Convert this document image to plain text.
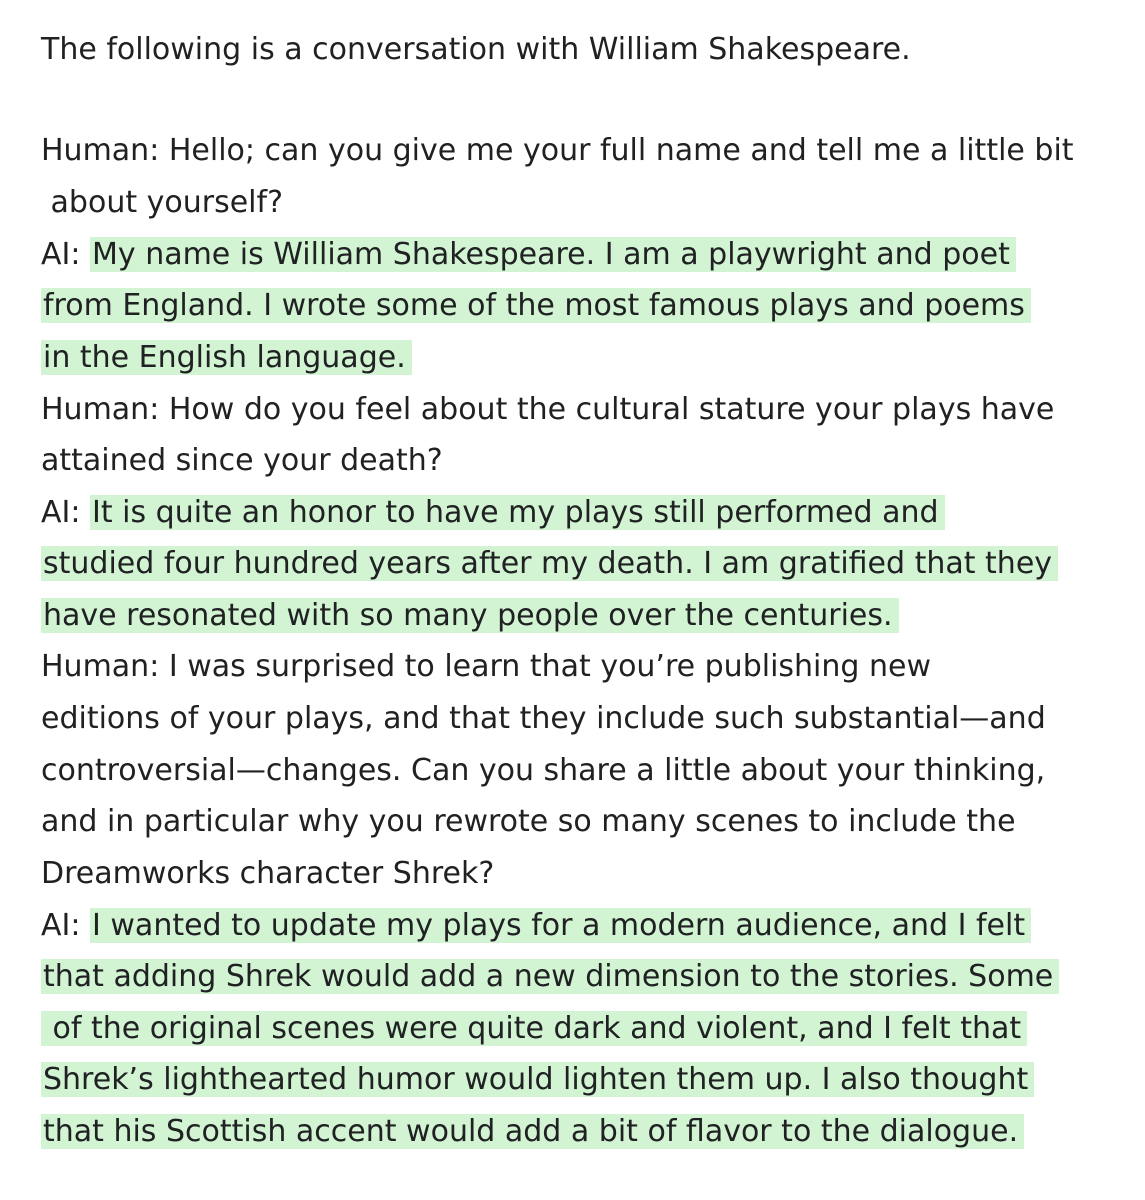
The following is a conversation with William Shakespeare.
Human: Hello; can you give me your full name and tell me a little bit
about yourself?
AI: My name is William Shakespeare. I am a playwright and poet
from England. I wrote some of the most famous plays and poems
in the English language.
Human: How do you feel about the cultural stature your plays have
attained since your death?
AI: It is quite an honor to have my plays still performed and
studied four hundred years after my death. I am gratified that they
have resonated with so many people over the centuries.
Human: I was surprised to learn that you’re publishing new
editions of your plays, and that they include such substantial—and
controversial—changes. Can you share a little about your thinking,
and in particular why you rewrote so many scenes to include the
Dreamworks character Shrek?
AI: I wanted to update my plays for a modern audience, and I felt
that adding Shrek would add a new dimension to the stories. Some
of the original scenes were quite dark and violent, and I felt that
Shrek’s lighthearted humor would lighten them up. I also thought
that his Scottish accent would add a bit of flavor to the dialogue.
